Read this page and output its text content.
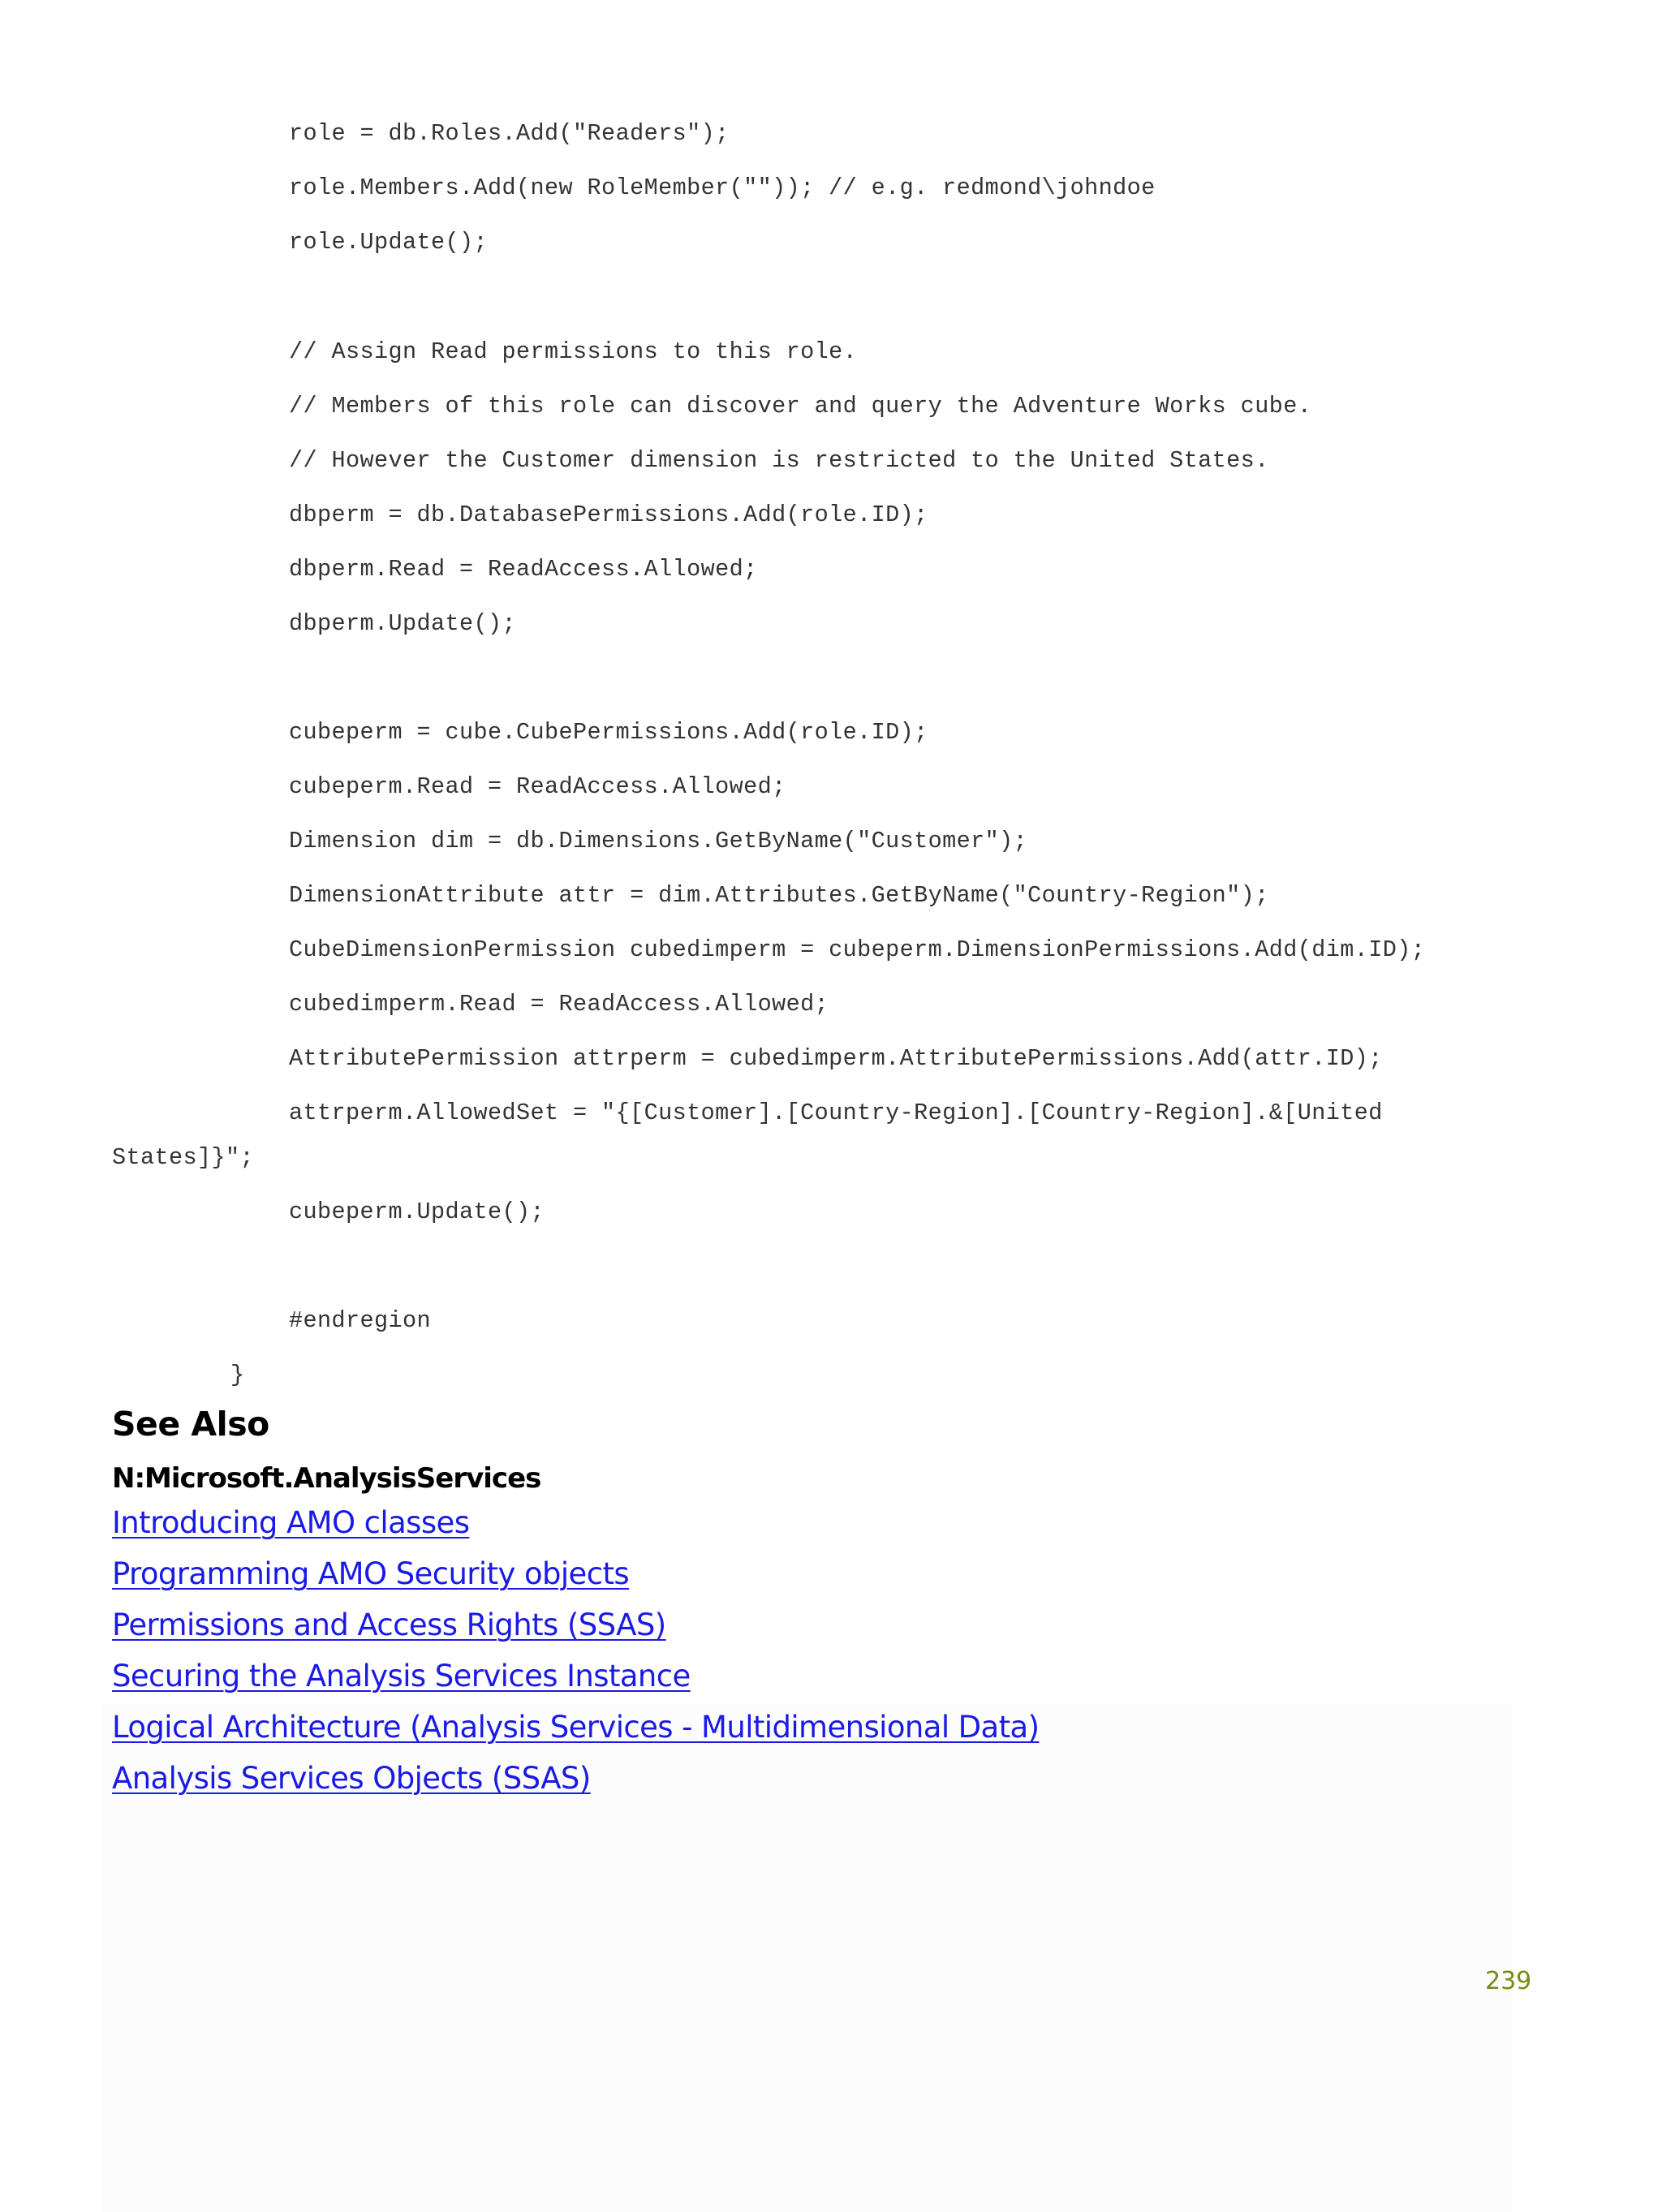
role = db.Roles.Add("Readers");
role.Members.Add(new RoleMember("")); // e.g. redmond\johndoe
role.Update();
// Assign Read permissions to this role.
// Members of this role can discover and query the Adventure Works cube.
// However the Customer dimension is restricted to the United States.
dbperm = db.DatabasePermissions.Add(role.ID);
dbperm.Read = ReadAccess.Allowed;
dbperm.Update();
cubeperm = cube.CubePermissions.Add(role.ID);
cubeperm.Read = ReadAccess.Allowed;
Dimension dim = db.Dimensions.GetByName("Customer");
DimensionAttribute attr = dim.Attributes.GetByName("Country-Region");
CubeDimensionPermission cubedimperm = cubeperm.DimensionPermissions.Add(dim.ID);
cubedimperm.Read = ReadAccess.Allowed;
AttributePermission attrperm = cubedimperm.AttributePermissions.Add(attr.ID);
attrperm.AllowedSet = "{[Customer].[Country-Region].[Country-Region].&[United
States]}";
cubeperm.Update();
#endregion
}
See Also
N:Microsoft.AnalysisServices
Introducing AMO classes
Programming AMO Security objects
Permissions and Access Rights (SSAS)
Securing the Analysis Services Instance
Logical Architecture (Analysis Services - Multidimensional Data)
Analysis Services Objects (SSAS)
239
